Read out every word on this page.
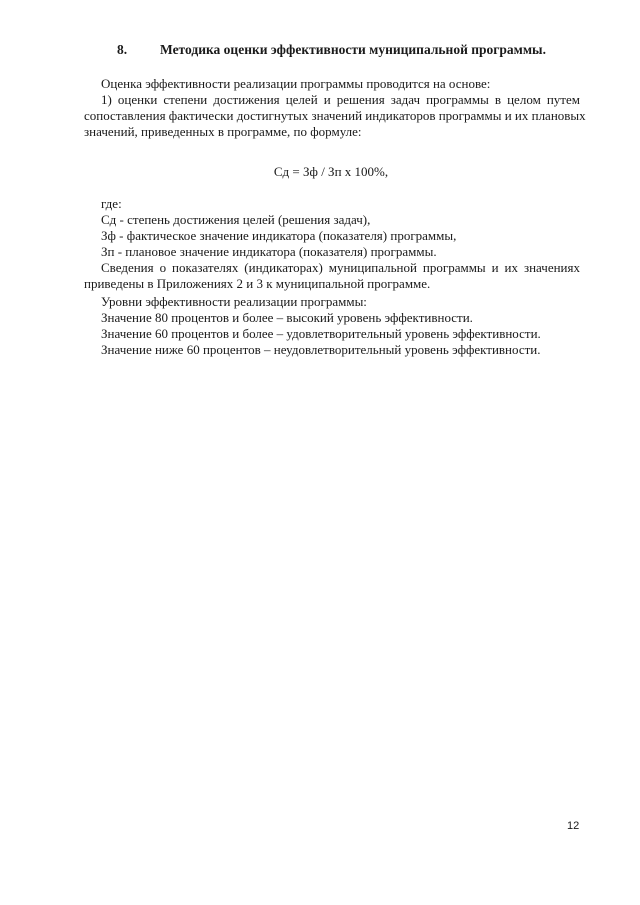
8. Методика оценки эффективности муниципальной программы.
Оценка эффективности реализации программы проводится на основе:
1) оценки степени достижения целей и решения задач программы в целом путем
сопоставления фактически достигнутых значений индикаторов программы и их плановых
значений, приведенных в программе, по формуле:
Сд = Зф / Зп х 100%,
где:
Сд - степень достижения целей (решения задач),
Зф - фактическое значение индикатора (показателя) программы,
Зп - плановое значение индикатора (показателя) программы.
Сведения о показателях (индикаторах) муниципальной программы и их значениях
приведены в Приложениях 2 и 3 к муниципальной программе.
Уровни эффективности реализации программы:
Значение 80 процентов и более – высокий уровень эффективности.
Значение 60 процентов и более – удовлетворительный уровень эффективности.
Значение ниже 60 процентов – неудовлетворительный уровень эффективности.
12
